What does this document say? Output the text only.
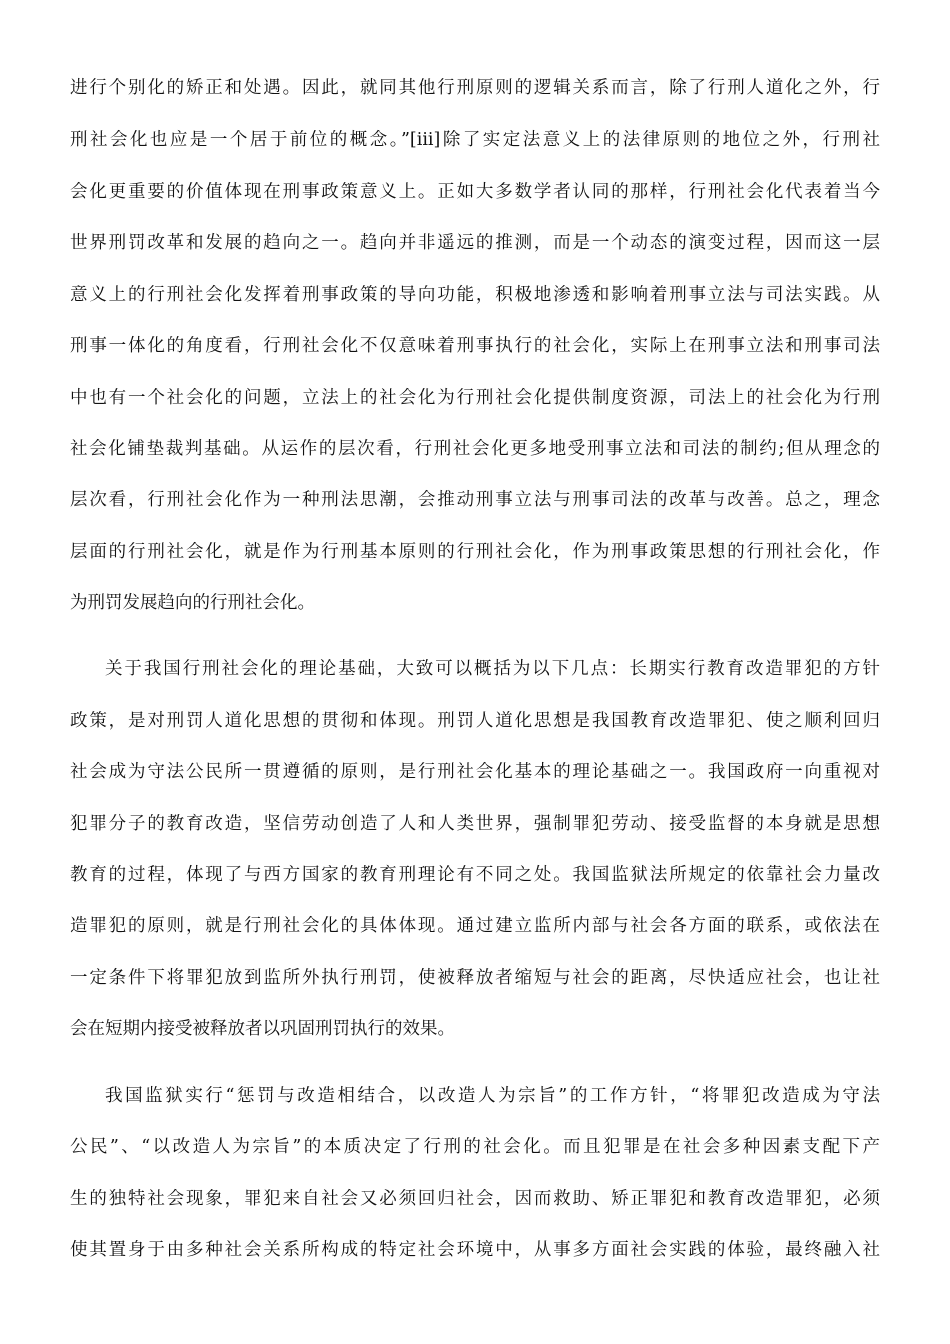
进行个别化的矫正和处遇。因此，就同其他行刑原则的逻辑关系而言，除了行刑人道化之外，行
刑社会化也应是一个居于前位的概念。”[iii]除了实定法意义上的法律原则的地位之外，行刑社
会化更重要的价值体现在刑事政策意义上。正如大多数学者认同的那样，行刑社会化代表着当今
世界刑罚改革和发展的趋向之一。趋向并非遥远的推测，而是一个动态的演变过程，因而这一层
意义上的行刑社会化发挥着刑事政策的导向功能，积极地渗透和影响着刑事立法与司法实践。从
刑事一体化的角度看，行刑社会化不仅意味着刑事执行的社会化，实际上在刑事立法和刑事司法
中也有一个社会化的问题，立法上的社会化为行刑社会化提供制度资源，司法上的社会化为行刑
社会化铺垫裁判基础。从运作的层次看，行刑社会化更多地受刑事立法和司法的制约;但从理念的
层次看，行刑社会化作为一种刑法思潮，会推动刑事立法与刑事司法的改革与改善。总之，理念
层面的行刑社会化，就是作为行刑基本原则的行刑社会化，作为刑事政策思想的行刑社会化，作
为刑罚发展趋向的行刑社会化。
关于我国行刑社会化的理论基础，大致可以概括为以下几点：长期实行教育改造罪犯的方针
政策，是对刑罚人道化思想的贯彻和体现。刑罚人道化思想是我国教育改造罪犯、使之顺利回归
社会成为守法公民所一贯遵循的原则，是行刑社会化基本的理论基础之一。我国政府一向重视对
犯罪分子的教育改造，坚信劳动创造了人和人类世界，强制罪犯劳动、接受监督的本身就是思想
教育的过程，体现了与西方国家的教育刑理论有不同之处。我国监狱法所规定的依靠社会力量改
造罪犯的原则，就是行刑社会化的具体体现。通过建立监所内部与社会各方面的联系，或依法在
一定条件下将罪犯放到监所外执行刑罚，使被释放者缩短与社会的距离，尽快适应社会，也让社
会在短期内接受被释放者以巩固刑罚执行的效果。
我国监狱实行“惩罚与改造相结合，以改造人为宗旨”的工作方针，“将罪犯改造成为守法
公民”、“以改造人为宗旨”的本质决定了行刑的社会化。而且犯罪是在社会多种因素支配下产
生的独特社会现象，罪犯来自社会又必须回归社会，因而救助、矫正罪犯和教育改造罪犯，必须
使其置身于由多种社会关系所构成的特定社会环境中，从事多方面社会实践的体验，最终融入社
